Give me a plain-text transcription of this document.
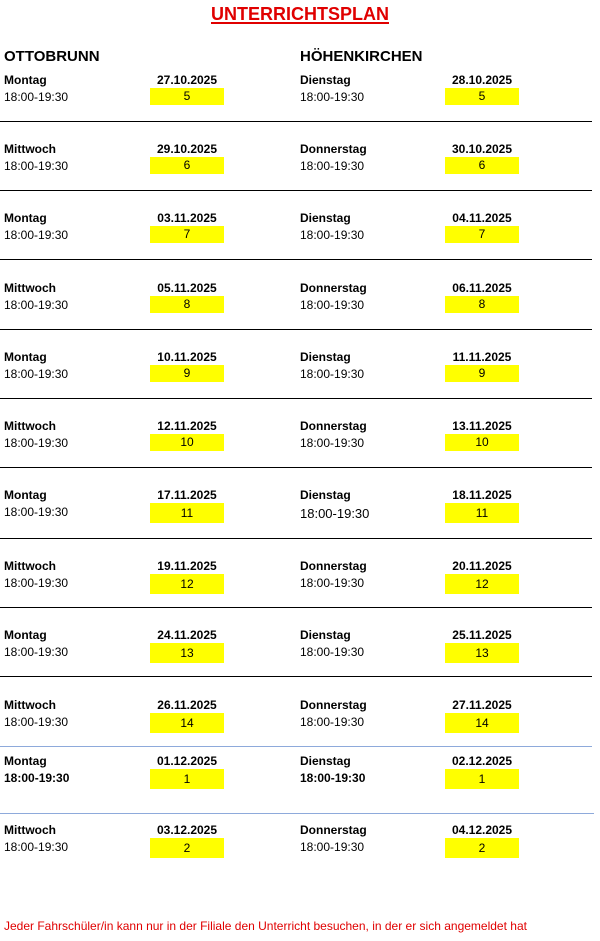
UNTERRICHTSPLAN
OTTOBRUNN	HÖHENKIRCHEN
Montag
18:00-19:30
27.10.2025
5
Dienstag
18:00-19:30
28.10.2025
5
Mittwoch
18:00-19:30
29.10.2025
6
Donnerstag
18:00-19:30
30.10.2025
6
Montag
18:00-19:30
03.11.2025
7
Dienstag
18:00-19:30
04.11.2025
7
Mittwoch
18:00-19:30
05.11.2025
8
Donnerstag
18:00-19:30
06.11.2025
8
Montag
18:00-19:30
10.11.2025
9
Dienstag
18:00-19:30
11.11.2025
9
Mittwoch
18:00-19:30
12.11.2025
10
Donnerstag
18:00-19:30
13.11.2025
10
Montag
18:00-19:30
17.11.2025
11
Dienstag
18:00-19:30
18.11.2025
11
Mittwoch
18:00-19:30
19.11.2025
12
Donnerstag
18:00-19:30
20.11.2025
12
Montag
18:00-19:30
24.11.2025
13
Dienstag
18:00-19:30
25.11.2025
13
Mittwoch
18:00-19:30
26.11.2025
14
Donnerstag
18:00-19:30
27.11.2025
14
Montag
18:00-19:30
01.12.2025
1
Dienstag
18:00-19:30
02.12.2025
1
Mittwoch
18:00-19:30
03.12.2025
2
Donnerstag
18:00-19:30
04.12.2025
2
Jeder Fahrschüler/in kann nur in der Filiale den Unterricht besuchen, in der er sich angemeldet hat
